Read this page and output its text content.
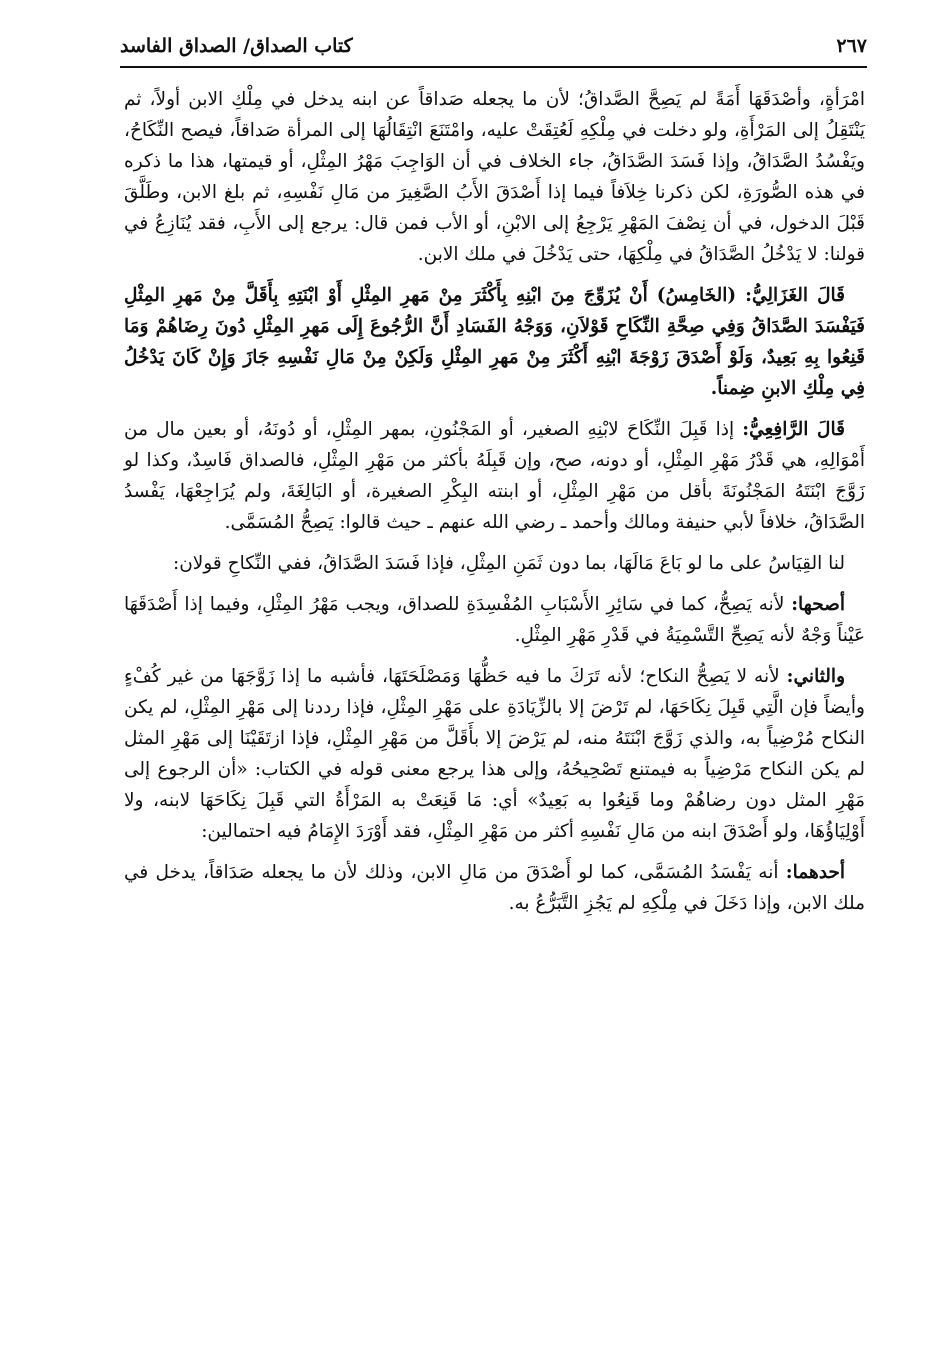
كتاب الصداق/ الصداق الفاسد	٢٦٧

امْرَأةٍ، وأصْدَقَهَا أَمَةً لم يَصِحَّ الصَّداقُ؛ لأن ما يجعله صَداقاً عن ابنه يدخل في مِلْكِ الابن أولاً، ثم يَنْتَقِلُ إلى المَرْأَةِ، ولو دخلت في مِلْكِهِ لَعُتِقَتْ عليه، وامْتَنَعَ انْتِقَالُهَا إلى المرأة صَداقاً، فيصح النِّكَاحُ، ويَفْسُدُ الصَّدَاقُ، وإذا فَسَدَ الصَّدَاقُ، جاء الخلاف في أن الوَاجِبَ مَهْرُ المِثْلِ، أو قيمتها، هذا ما ذكره في هذه الصُّورَةِ، لكن ذكرنا خِلاَفاً فيما إذا أَصْدَقَ الأَبُ الصَّغِيرَ من مَالِ نَفْسِهِ، ثم بلغ الابن، وطَلَّقَ قَبْلَ الدخول، في أن نِصْفَ المَهْرِ يَرْجِعُ إلى الابْنِ، أو الأب فمن قال: يرجع إلى الأَبِ، فقد يُنَازِعُ في قولنا: لا يَدْخُلُ الصَّدَاقُ في مِلْكِهَا، حتى يَدْخُلَ في ملك الابن.

قَالَ الغَزَالِيُّ: (الخَامِسُ) أَنْ يُزَوِّجَ مِنَ ابْنِهِ بِأَكْثَرَ مِنْ مَهرِ المِثْلِ أَوْ ابْنَتِهِ بِأَقَلَّ مِنْ مَهرِ المِثْلِ فَيَفْسَدَ الصَّدَاقُ وَفِي صِحَّةِ النِّكَاحِ قَوْلاَنِ، وَوَجْهُ الفَسَادِ أَنَّ الرُّجُوعَ إِلَى مَهرِ المِثْلِ دُونَ رِضَاهُمْ وَمَا قَنِعُوا بِهِ بَعِيدٌ، وَلَوْ أَصْدَقَ زَوْجَةَ ابْنِهِ أَكْثَرَ مِنْ مَهرِ المِثْلِ وَلَكِنْ مِنْ مَالِ نَفْسِهِ جَازَ وَإِنْ كَانَ يَدْخُلُ فِي مِلْكِ الابنِ ضِمناً.

قَالَ الرَّافِعِيُّ: إذا قَبِلَ النِّكَاحَ لابْنِهِ الصغير، أو المَجْنُونِ، بمهر المِثْلِ، أو دُونَهُ، أو بعين مال من أَمْوَالِهِ، هي قَدْرُ مَهْرِ المِثْلِ، أو دونه، صح، وإن قَبِلَهُ بأكثر من مَهْرِ المِثْلِ، فالصداق فَاسِدٌ، وكذا لو زَوَّجَ ابْنَتَهُ المَجْنُونَةَ بأقل من مَهْرِ المِثْلِ، أو ابنته البِكْرِ الصغيرة، أو البَالِغَةَ، ولم يُرَاجِعْهَا، يَفْسدُ الصَّدَاقُ، خلافاً لأبي حنيفة ومالك وأحمد ـ رضي الله عنهم ـ حيث قالوا: يَصِحُّ المُسَمَّى.

لنا القِيَاسُ على ما لو بَاعَ مَالَهَا، بما دون ثَمَنِ المِثْلِ، فإذا فَسَدَ الصَّدَاقُ، ففي النِّكاحِ قولان:

أصحها: لأنه يَصِحُّ، كما في سَائِرِ الأَسْبَابِ المُفْسِدَةِ للصداق، ويجب مَهْرُ المِثْلِ، وفيما إذا أَصْدَقَهَا عَيْناً وَجْهٌ لأنه يَصِحِّ التَّسْمِيَةُ في قَدْرِ مَهْرِ المِثْلِ.

والثاني: لأنه لا يَصِحُّ النكاح؛ لأنه تَرَكَ ما فيه حَظُّهَا وَمَصْلَحَتَهَا، فأشبه ما إذا زَوَّجَهَا من غير كُفْءٍ وأيضاً فإن الَّتِي قَبِلَ نِكَاحَهَا، لم تَرْضَ إلا بالزِّيَادَةِ على مَهْرِ المِثْلِ، فإذا رددنا إلى مَهْرِ المِثْلِ، لم يكن النكاح مُرْضِياً به، والذي زَوَّجَ ابْنَتَهُ منه، لم يَرْضَ إلا بأَقَلَّ من مَهْرِ المِثْلِ، فإذا ازتَقَيْنَا إلى مَهْرِ المثل لم يكن النكاح مَرْضِياً به فيمتنع تَصْحِيحُهُ، وإلى هذا يرجع معنى قوله في الكتاب: «أن الرجوع إلى مَهْرِ المثل دون رضاهُمْ وما قَنِعُوا به بَعِيدٌ» أي: مَا قَنِعَتْ به المَرْأَةُ التي قَبِلَ نِكَاحَهَا لابنه، ولا أَوْلِيَاؤُهَا، ولو أَصْدَقَ ابنه من مَالِ نَفْسِهِ أكثر من مَهْرِ المِثْلِ، فقد أَوْرَدَ الإِمَامُ فيه احتمالين:

أحدهما: أنه يَفْسَدُ المُسَمَّى، كما لو أَصْدَقَ من مَالِ الابن، وذلك لأن ما يجعله صَدَاقاً، يدخل في ملك الابن، وإذا دَخَلَ في مِلْكِهِ لم يَجُزِ التَّبَرُّعُ به.
